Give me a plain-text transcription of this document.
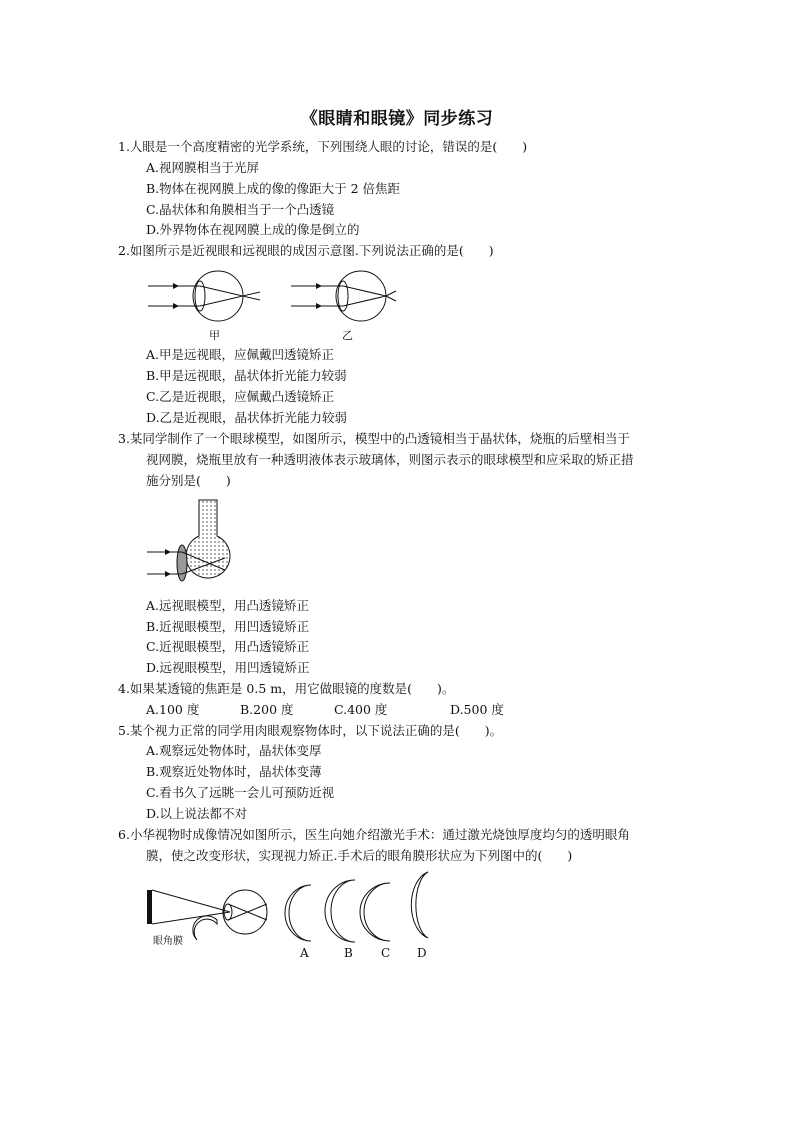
《眼睛和眼镜》同步练习
1.人眼是一个高度精密的光学系统，下列围绕人眼的讨论，错误的是(　　)
A.视网膜相当于光屏
B.物体在视网膜上成的像的像距大于 2 倍焦距
C.晶状体和角膜相当于一个凸透镜
D.外界物体在视网膜上成的像是倒立的
2.如图所示是近视眼和远视眼的成因示意图.下列说法正确的是(　　)
甲	乙
A.甲是远视眼，应佩戴凹透镜矫正
B.甲是远视眼，晶状体折光能力较弱
C.乙是近视眼，应佩戴凸透镜矫正
D.乙是近视眼，晶状体折光能力较弱
3.某同学制作了一个眼球模型，如图所示，模型中的凸透镜相当于晶状体，烧瓶的后壁相当于
视网膜，烧瓶里放有一种透明液体表示玻璃体，则图示表示的眼球模型和应采取的矫正措
施分别是(　　)
A.远视眼模型，用凸透镜矫正
B.近视眼模型，用凹透镜矫正
C.近视眼模型，用凸透镜矫正
D.远视眼模型，用凹透镜矫正
4.如果某透镜的焦距是 0.5 m，用它做眼镜的度数是(　　)。
A.100 度	B.200 度	C.400 度	D.500 度
5.某个视力正常的同学用肉眼观察物体时，以下说法正确的是(　　)。
A.观察远处物体时，晶状体变厚
B.观察近处物体时，晶状体变薄
C.看书久了远眺一会儿可预防近视
D.以上说法都不对
6.小华视物时成像情况如图所示，医生向她介绍激光手术：通过激光烧蚀厚度均匀的透明眼角
膜，使之改变形状，实现视力矫正.手术后的眼角膜形状应为下列图中的(　　)
眼角膜
A	B C D
